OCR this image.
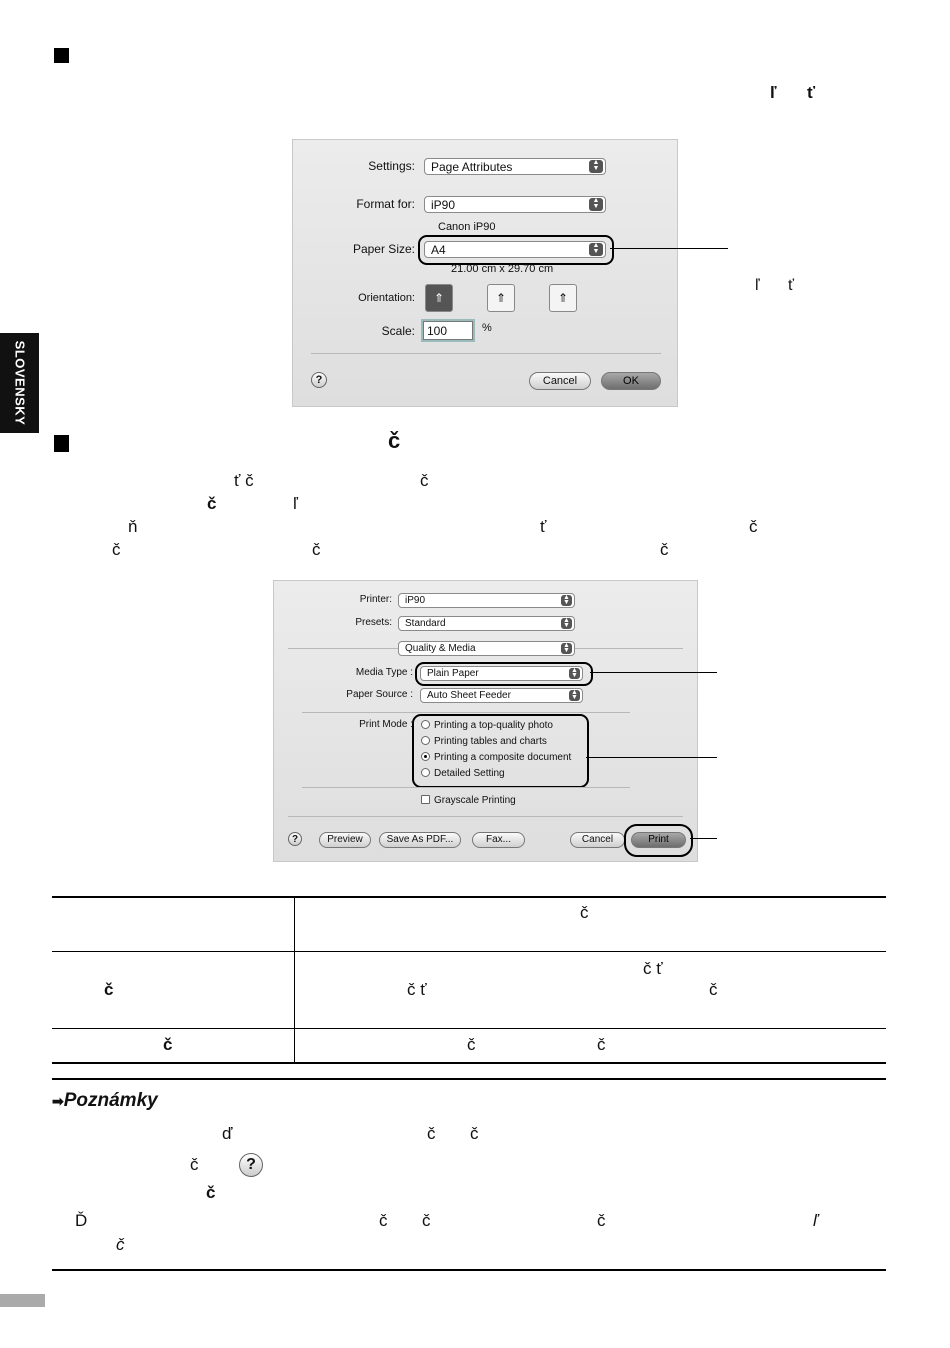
ľ ť
SLOVENSKY
Settings:	Page Attributes	▲
▼
Format for:	iP90	▲
▼
Canon iP90
Paper Size:	A4	▲
▼
21.00 cm x 29.70 cm
Orientation:	⇑	⇑	⇑
Scale:	100	%
?	Cancel	OK
ľ ť
č
ť č	č
č	ľ
ň	ť	č
č	č	č
Printer:	iP90	▲
▼
Presets:	Standard	▲
▼
Quality & Media	▲
▼
Media Type :	Plain Paper	▲
▼
Paper Source :	Auto Sheet Feeder	▲
▼
Print Mode :	Printing a top-quality photo
Printing tables and charts
Printing a composite document
Detailed Setting
Grayscale Printing
?	Preview	Save As PDF...	Fax...	Cancel	Print
č
č
č ť
č ť	č
č	č	č
➡Poznámky
ď	č č
č	?
č
Ď	č č	č	ľ
č
